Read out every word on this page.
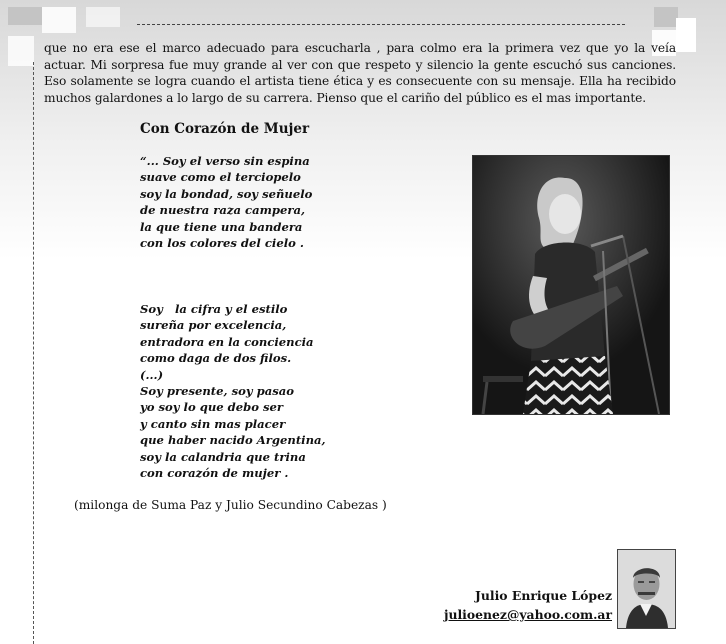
que no era ese el marco adecuado para escucharla , para colmo era la primera vez que yo la veía actuar. Mi sorpresa fue muy grande al ver con que respeto y silencio la gente escuchó sus canciones. Eso solamente se logra cuando el artista tiene ética y es consecuente con su mensaje. Ella ha recibido muchos galardones a lo largo de su carrera. Pienso que el cariño del público es el mas importante.

Con Corazón de Mujer
“... Soy el verso sin espina
suave como el terciopelo
soy la bondad, soy señuelo
de nuestra raza campera,
la que tiene una bandera
con los colores del cielo .
Soy   la cifra y el estilo
sureña por excelencia,
entradora en la conciencia
como daga de dos filos.
(...)
Soy presente, soy pasao
yo soy lo que debo ser
y canto sin mas placer
que haber nacido Argentina,
soy la calandria que trina
con corazón de mujer .

(milonga de Suma Paz y Julio Secundino Cabezas )

Julio Enrique López
julioenez@yahoo.com.ar
